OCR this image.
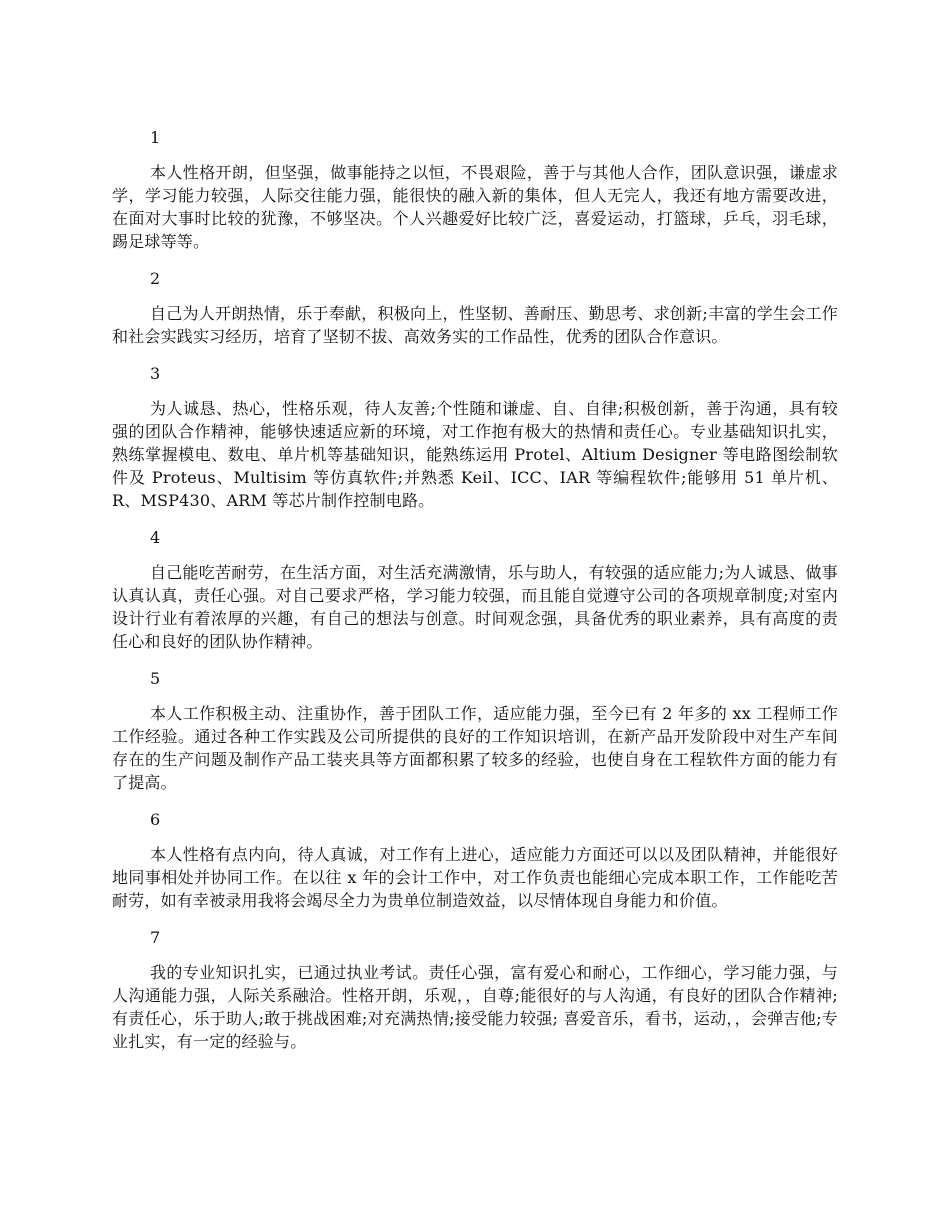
1

本人性格开朗，但坚强，做事能持之以恒，不畏艰险，善于与其他人合作，团队意识强，谦虚求学，学习能力较强，人际交往能力强，能很快的融入新的集体，但人无完人，我还有地方需要改进，在面对大事时比较的犹豫，不够坚决。个人兴趣爱好比较广泛，喜爱运动，打篮球，乒乓，羽毛球，踢足球等等。

2

自己为人开朗热情，乐于奉献，积极向上，性坚韧、善耐压、勤思考、求创新;丰富的学生会工作和社会实践实习经历，培育了坚韧不拔、高效务实的工作品性，优秀的团队合作意识。

3

为人诚恳、热心，性格乐观，待人友善;个性随和谦虚、自、自律;积极创新，善于沟通，具有较强的团队合作精神，能够快速适应新的环境，对工作抱有极大的热情和责任心。专业基础知识扎实，熟练掌握模电、数电、单片机等基础知识，能熟练运用 Protel、Altium Designer 等电路图绘制软件及 Proteus、Multisim 等仿真软件;并熟悉 Keil、ICC、IAR 等编程软件;能够用 51 单片机、R、MSP430、ARM 等芯片制作控制电路。

4

自己能吃苦耐劳，在生活方面，对生活充满激情，乐与助人，有较强的适应能力;为人诚恳、做事认真认真，责任心强。对自己要求严格，学习能力较强，而且能自觉遵守公司的各项规章制度;对室内设计行业有着浓厚的兴趣，有自己的想法与创意。时间观念强，具备优秀的职业素养，具有高度的责任心和良好的团队协作精神。

5

本人工作积极主动、注重协作，善于团队工作，适应能力强，至今已有 2 年多的 xx 工程师工作工作经验。通过各种工作实践及公司所提供的良好的工作知识培训，在新产品开发阶段中对生产车间存在的生产问题及制作产品工装夹具等方面都积累了较多的经验，也使自身在工程软件方面的能力有了提高。

6

本人性格有点内向，待人真诚，对工作有上进心，适应能力方面还可以以及团队精神，并能很好地同事相处并协同工作。在以往 x 年的会计工作中，对工作负责也能细心完成本职工作，工作能吃苦耐劳，如有幸被录用我将会竭尽全力为贵单位制造效益，以尽情体现自身能力和价值。

7

我的专业知识扎实，已通过执业考试。责任心强，富有爱心和耐心，工作细心，学习能力强，与人沟通能力强，人际关系融洽。性格开朗，乐观，，自尊;能很好的与人沟通，有良好的团队合作精神;有责任心，乐于助人;敢于挑战困难;对充满热情;接受能力较强; 喜爱音乐，看书，运动，，会弹吉他;专业扎实，有一定的经验与。
